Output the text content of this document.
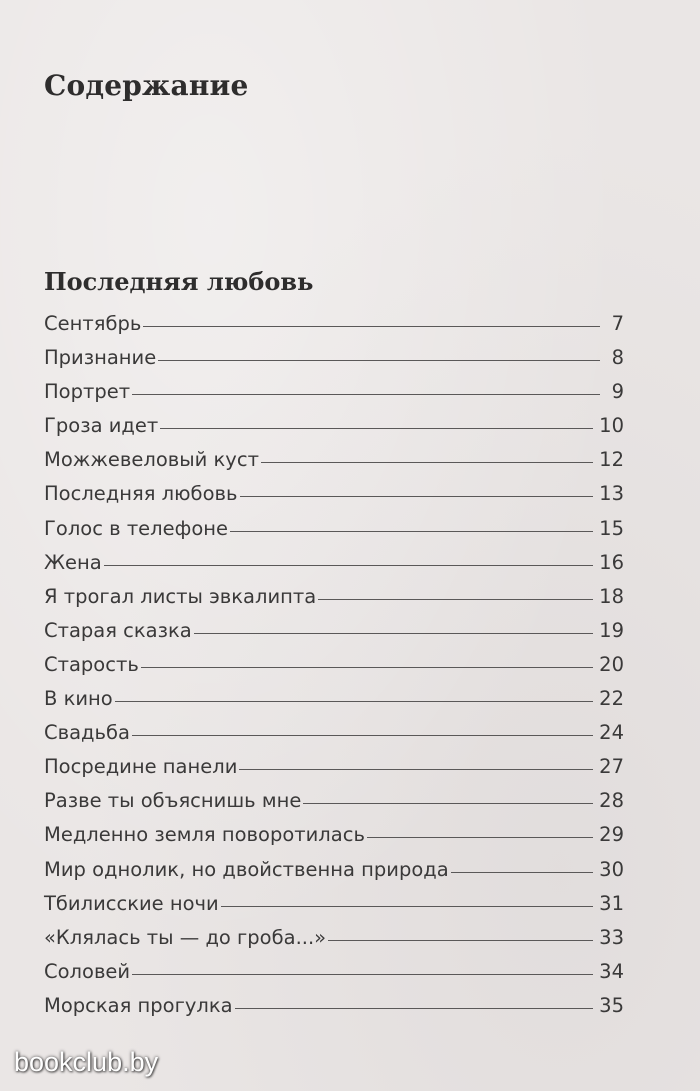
Содержание
Последняя любовь
Сентябрь	7
Признание	8
Портрет	9
Гроза идет	10
Можжевеловый куст	12
Последняя любовь	13
Голос в телефоне	15
Жена	16
Я трогал листы эвкалипта	18
Старая сказка	19
Старость	20
В кино	22
Свадьба	24
Посредине панели	27
Разве ты объяснишь мне	28
Медленно земля поворотилась	29
Мир однолик, но двойственна природа	30
Тбилисские ночи	31
«Клялась ты — до гроба...»	33
Соловей	34
Морская прогулка	35
bookclub.by
